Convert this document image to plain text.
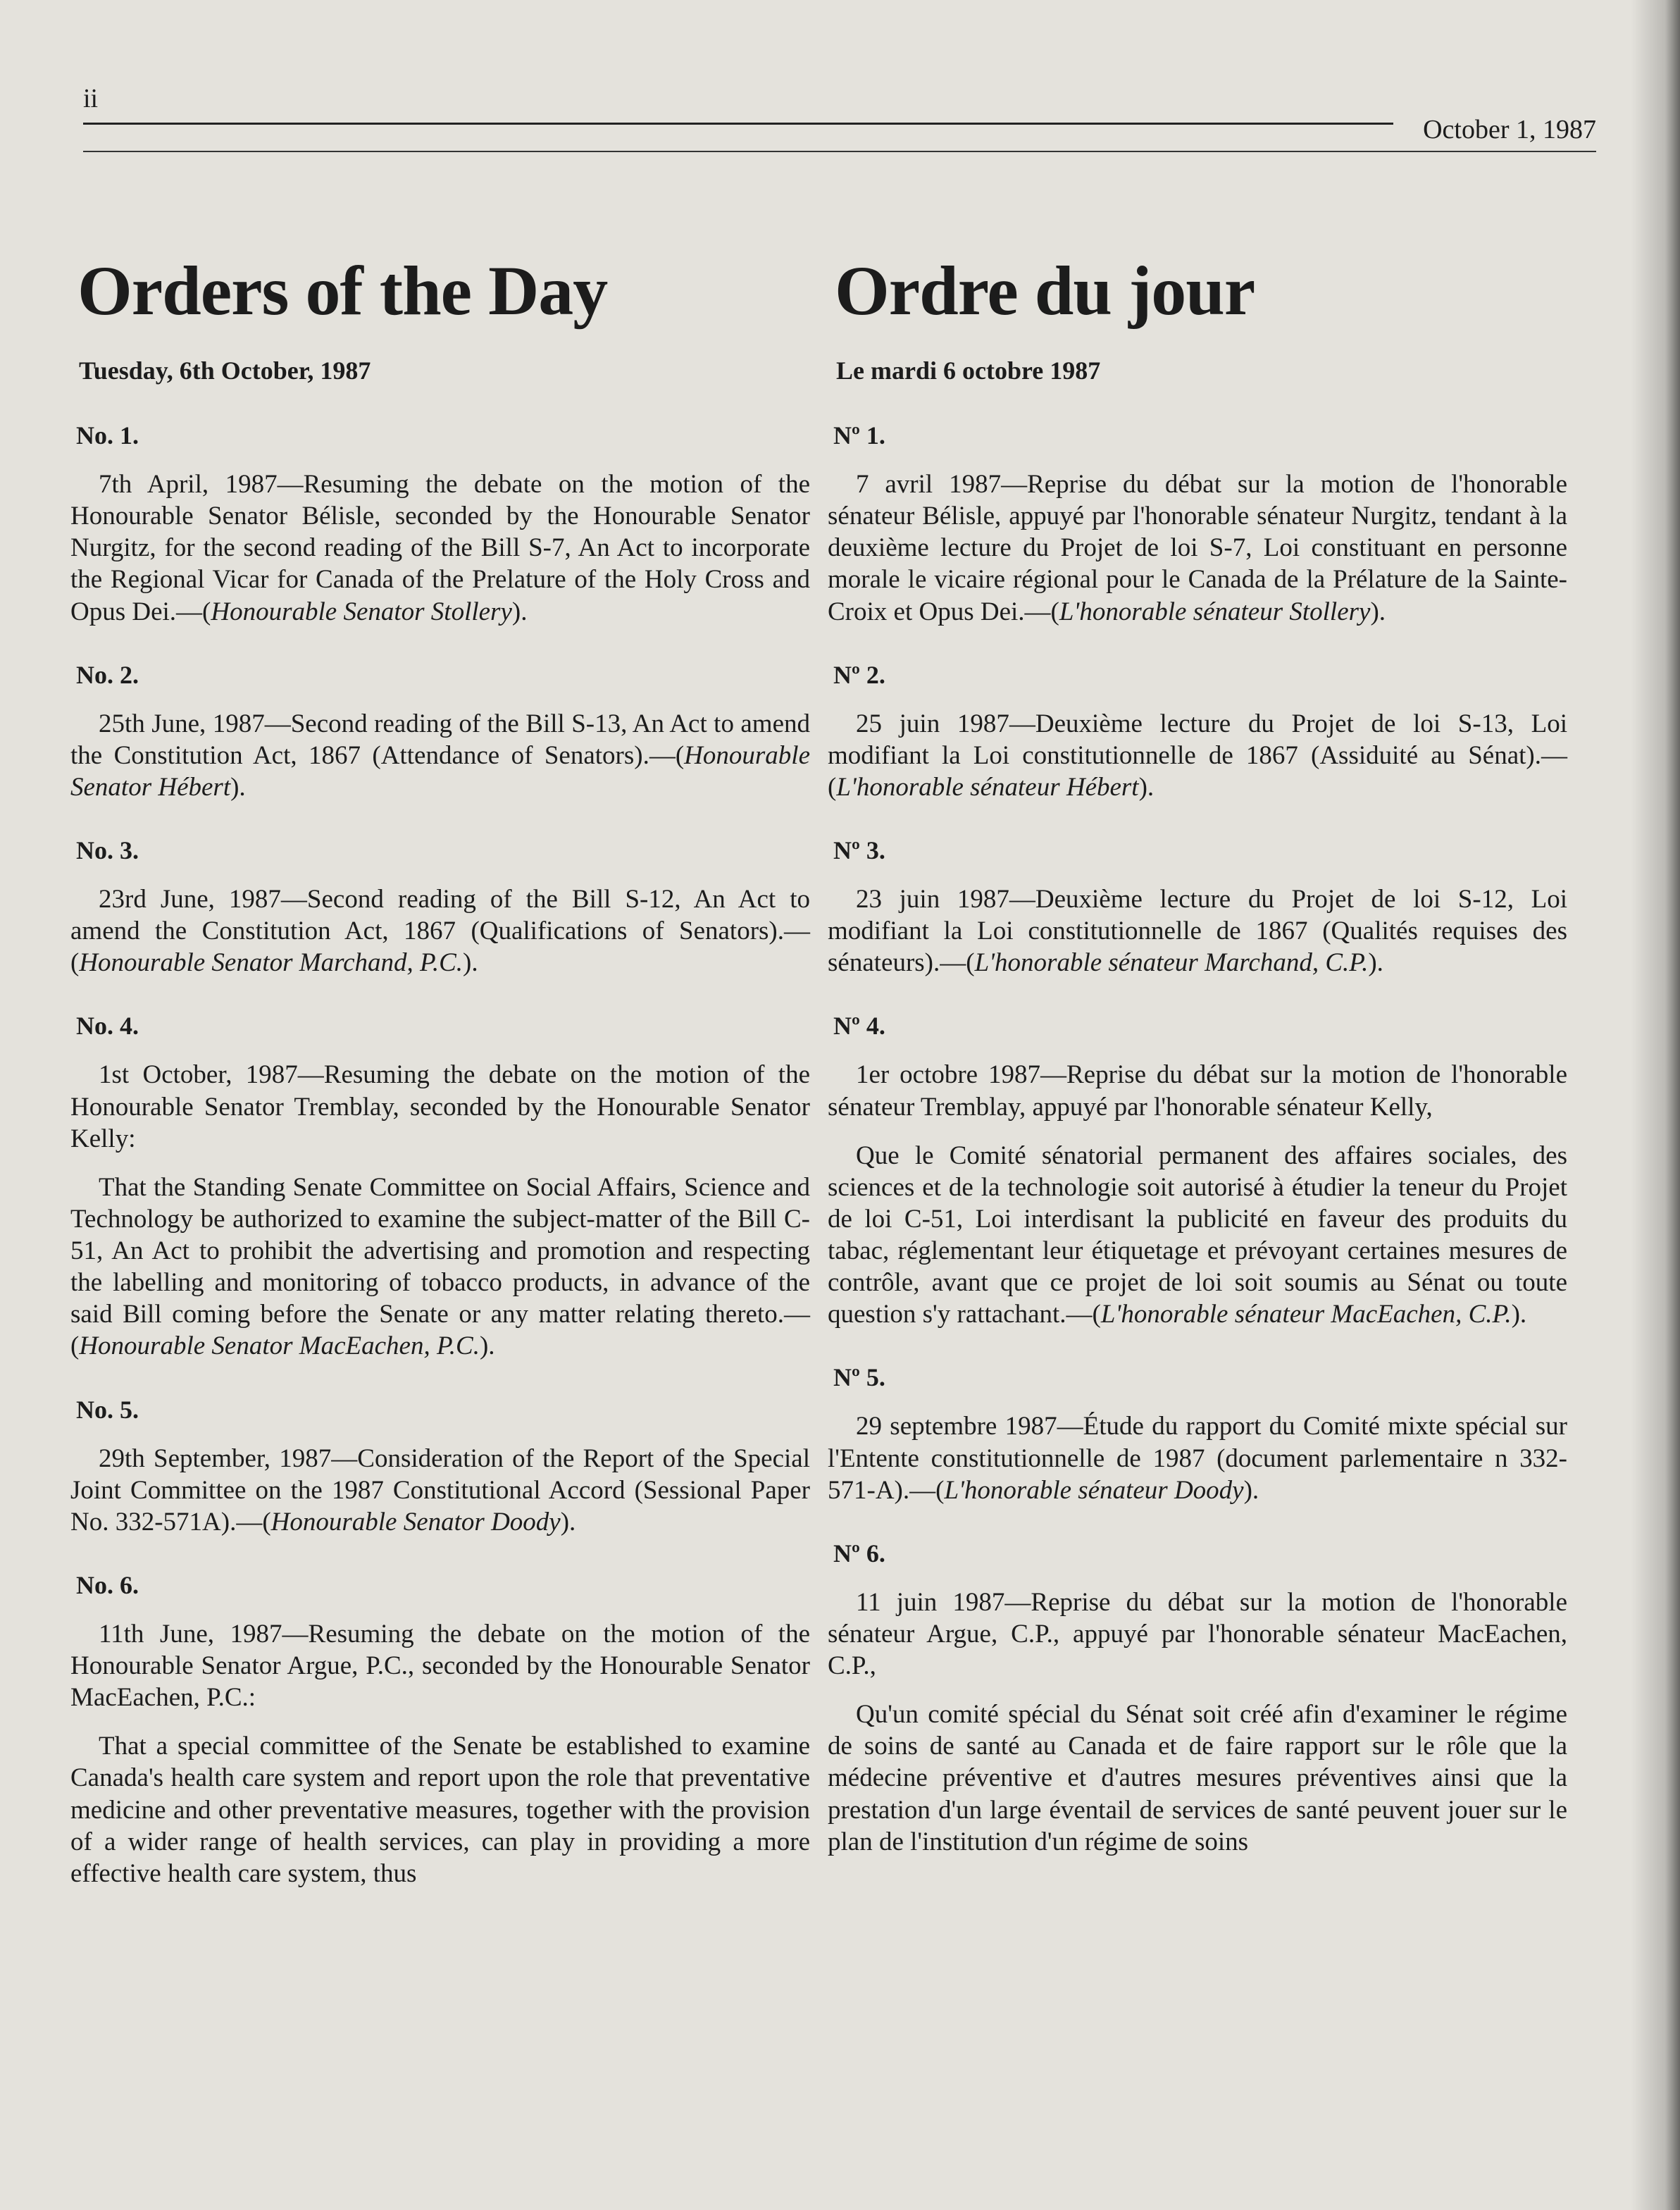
ii
October 1, 1987
Orders of the Day
Tuesday, 6th October, 1987
No. 1.
7th April, 1987—Resuming the debate on the motion of the Honourable Senator Bélisle, seconded by the Honourable Senator Nurgitz, for the second reading of the Bill S-7, An Act to incorporate the Regional Vicar for Canada of the Prelature of the Holy Cross and Opus Dei.—(Honourable Senator Stollery).
No. 2.
25th June, 1987—Second reading of the Bill S-13, An Act to amend the Constitution Act, 1867 (Attendance of Senators).—(Honourable Senator Hébert).
No. 3.
23rd June, 1987—Second reading of the Bill S-12, An Act to amend the Constitution Act, 1867 (Qualifications of Senators).—(Honourable Senator Marchand, P.C.).
No. 4.
1st October, 1987—Resuming the debate on the motion of the Honourable Senator Tremblay, seconded by the Honourable Senator Kelly:
That the Standing Senate Committee on Social Affairs, Science and Technology be authorized to examine the subject-matter of the Bill C-51, An Act to prohibit the advertising and promotion and respecting the labelling and monitoring of tobacco products, in advance of the said Bill coming before the Senate or any matter relating thereto.—(Honourable Senator MacEachen, P.C.).
No. 5.
29th September, 1987—Consideration of the Report of the Special Joint Committee on the 1987 Constitutional Accord (Sessional Paper No. 332-571A).—(Honourable Senator Doody).
No. 6.
11th June, 1987—Resuming the debate on the motion of the Honourable Senator Argue, P.C., seconded by the Honourable Senator MacEachen, P.C.:
That a special committee of the Senate be established to examine Canada's health care system and report upon the role that preventative medicine and other preventative measures, together with the provision of a wider range of health services, can play in providing a more effective health care system, thus
Ordre du jour
Le mardi 6 octobre 1987
Nº 1.
7 avril 1987—Reprise du débat sur la motion de l'honorable sénateur Bélisle, appuyé par l'honorable sénateur Nurgitz, tendant à la deuxième lecture du Projet de loi S-7, Loi constituant en personne morale le vicaire régional pour le Canada de la Prélature de la Sainte-Croix et Opus Dei.—(L'honorable sénateur Stollery).
Nº 2.
25 juin 1987—Deuxième lecture du Projet de loi S-13, Loi modifiant la Loi constitutionnelle de 1867 (Assiduité au Sénat).—(L'honorable sénateur Hébert).
Nº 3.
23 juin 1987—Deuxième lecture du Projet de loi S-12, Loi modifiant la Loi constitutionnelle de 1867 (Qualités requises des sénateurs).—(L'honorable sénateur Marchand, C.P.).
Nº 4.
1er octobre 1987—Reprise du débat sur la motion de l'honorable sénateur Tremblay, appuyé par l'honorable sénateur Kelly,
Que le Comité sénatorial permanent des affaires sociales, des sciences et de la technologie soit autorisé à étudier la teneur du Projet de loi C-51, Loi interdisant la publicité en faveur des produits du tabac, réglementant leur étiquetage et prévoyant certaines mesures de contrôle, avant que ce projet de loi soit soumis au Sénat ou toute question s'y rattachant.—(L'honorable sénateur MacEachen, C.P.).
Nº 5.
29 septembre 1987—Étude du rapport du Comité mixte spécial sur l'Entente constitutionnelle de 1987 (document parlementaire n 332-571-A).—(L'honorable sénateur Doody).
Nº 6.
11 juin 1987—Reprise du débat sur la motion de l'honorable sénateur Argue, C.P., appuyé par l'honorable sénateur MacEachen, C.P.,
Qu'un comité spécial du Sénat soit créé afin d'examiner le régime de soins de santé au Canada et de faire rapport sur le rôle que la médecine préventive et d'autres mesures préventives ainsi que la prestation d'un large éventail de services de santé peuvent jouer sur le plan de l'institution d'un régime de soins
